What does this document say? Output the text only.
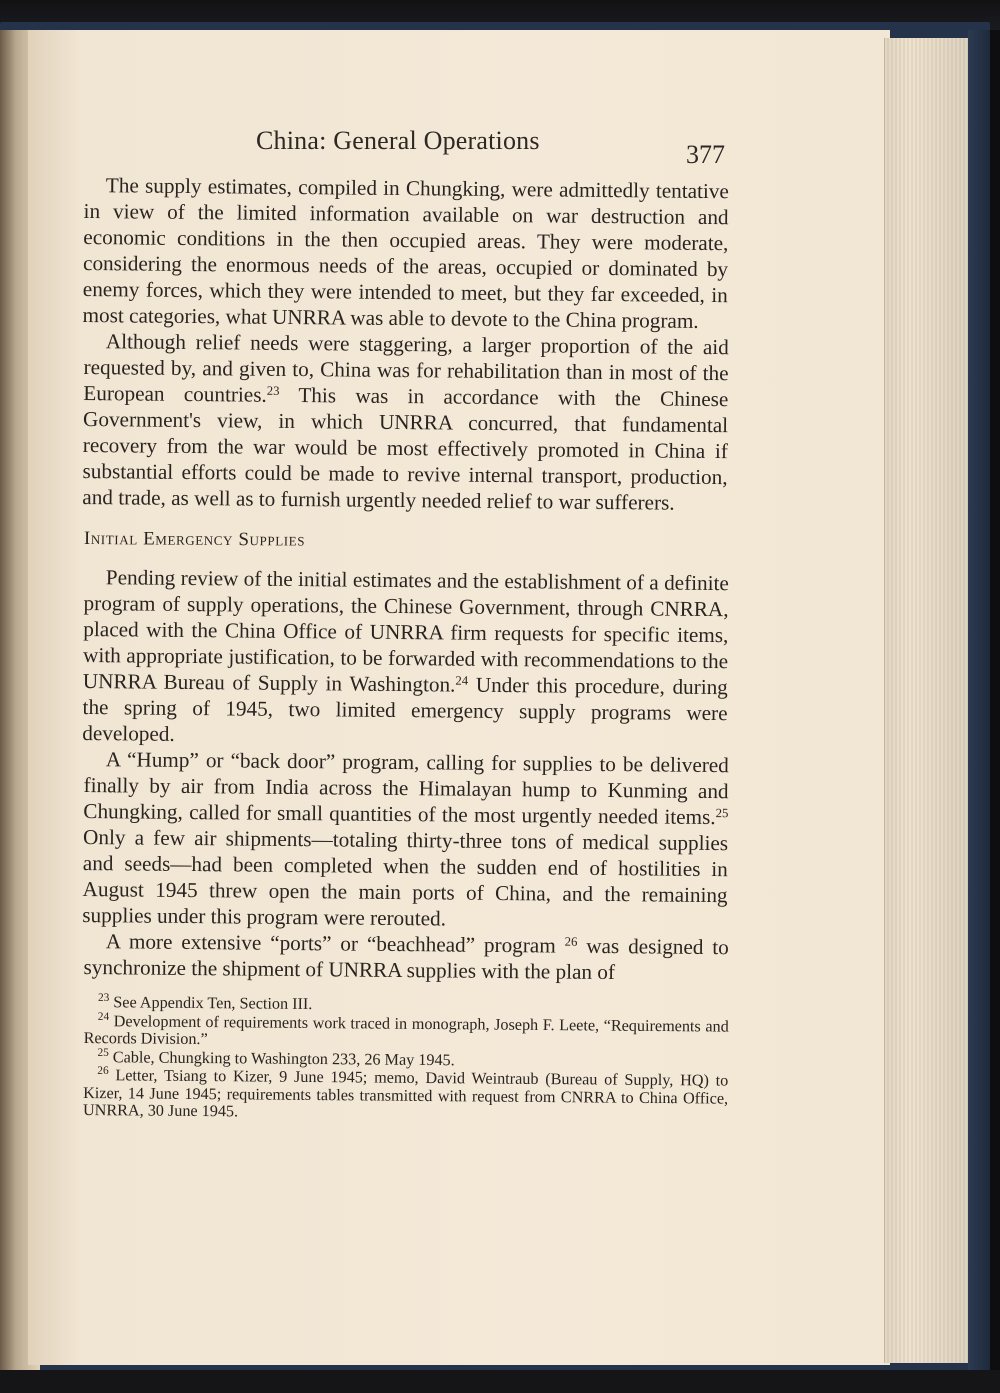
China: General Operations	377

The supply estimates, compiled in Chungking, were admittedly tentative in view of the limited information available on war destruction and economic conditions in the then occupied areas. They were moderate, considering the enormous needs of the areas, occupied or dominated by enemy forces, which they were intended to meet, but they far exceeded, in most categories, what UNRRA was able to devote to the China program.

Although relief needs were staggering, a larger proportion of the aid requested by, and given to, China was for rehabilitation than in most of the European countries.$^{23}$ This was in accordance with the Chinese Government's view, in which UNRRA concurred, that fundamental recovery from the war would be most effectively promoted in China if substantial efforts could be made to revive internal transport, production, and trade, as well as to furnish urgently needed relief to war sufferers.

Initial Emergency Supplies

Pending review of the initial estimates and the establishment of a definite program of supply operations, the Chinese Government, through CNRRA, placed with the China Office of UNRRA firm requests for specific items, with appropriate justification, to be forwarded with recommendations to the UNRRA Bureau of Supply in Washington.$^{24}$ Under this procedure, during the spring of 1945, two limited emergency supply programs were developed.

A “Hump” or “back door” program, calling for supplies to be delivered finally by air from India across the Himalayan hump to Kunming and Chungking, called for small quantities of the most urgently needed items.$^{25}$ Only a few air shipments—totaling thirty-three tons of medical supplies and seeds—had been completed when the sudden end of hostilities in August 1945 threw open the main ports of China, and the remaining supplies under this program were rerouted.

A more extensive “ports” or “beachhead” program $^{26}$ was designed to synchronize the shipment of UNRRA supplies with the plan of

$^{23}$ See Appendix Ten, Section III.

$^{24}$ Development of requirements work traced in monograph, Joseph F. Leete, “Requirements and Records Division.”

$^{25}$ Cable, Chungking to Washington 233, 26 May 1945.

$^{26}$ Letter, Tsiang to Kizer, 9 June 1945; memo, David Weintraub (Bureau of Supply, HQ) to Kizer, 14 June 1945; requirements tables transmitted with request from CNRRA to China Office, UNRRA, 30 June 1945.
